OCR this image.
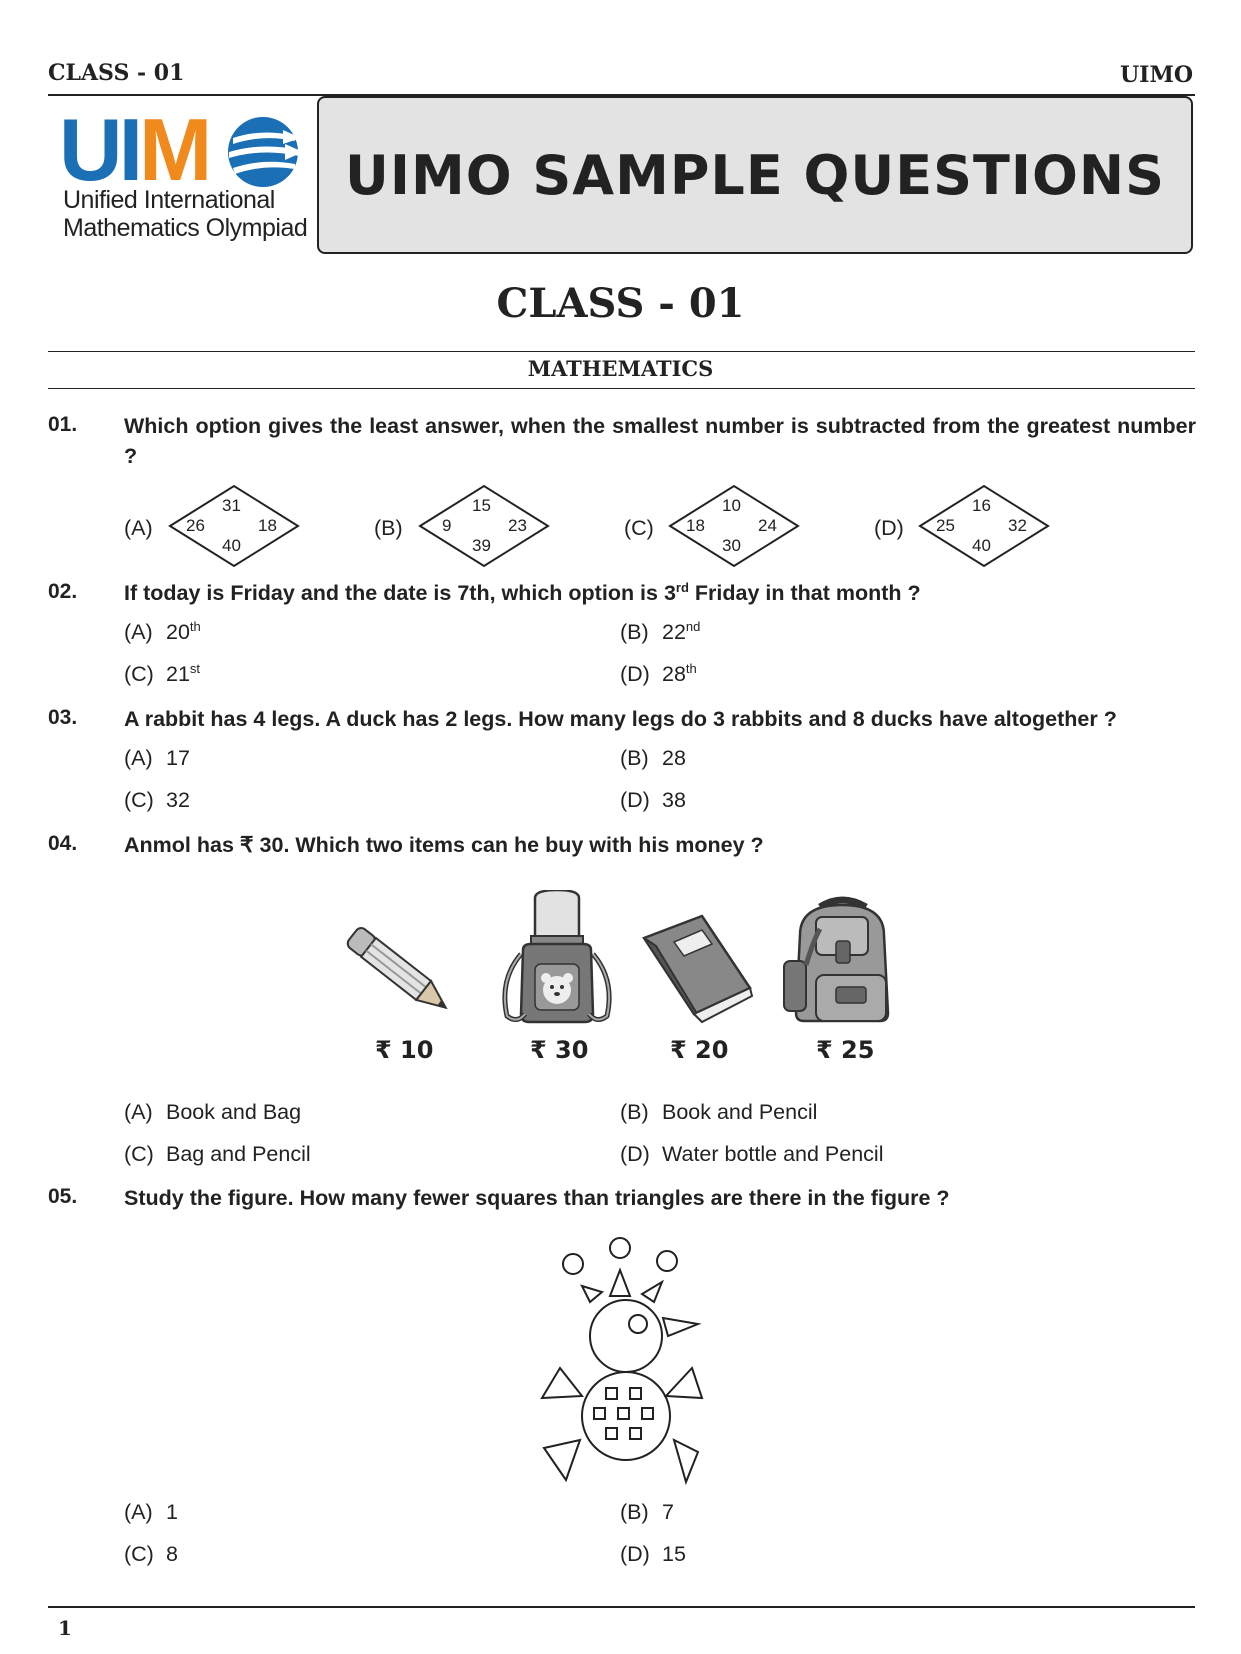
CLASS - 01	UIMO
UIM
Unified International
Mathematics Olympiad
UIMO SAMPLE QUESTIONS
CLASS - 01
MATHEMATICS
01. Which option gives the least answer, when the smallest number is subtracted from the greatest number ?
(A)
31
26	18
40
(B)
15
9	23
39
(C)
10
18	24
30
(D)
16
25	32
40
02. If today is Friday and the date is 7th, which option is 3rd Friday in that month ?
(A) 20th	(B) 22nd
(C) 21st	(D) 28th
03. A rabbit has 4 legs. A duck has 2 legs. How many legs do 3 rabbits and 8 ducks have altogether ?
(A) 17	(B) 28
(C) 32	(D) 38
04. Anmol has ₹ 30. Which two items can he buy with his money ?
₹ 10	₹ 30	₹ 20	₹ 25
(A) Book and Bag	(B) Book and Pencil
(C) Bag and Pencil	(D) Water bottle and Pencil
05. Study the figure. How many fewer squares than triangles are there in the figure ?
(A) 1	(B) 7
(C) 8	(D) 15
1
